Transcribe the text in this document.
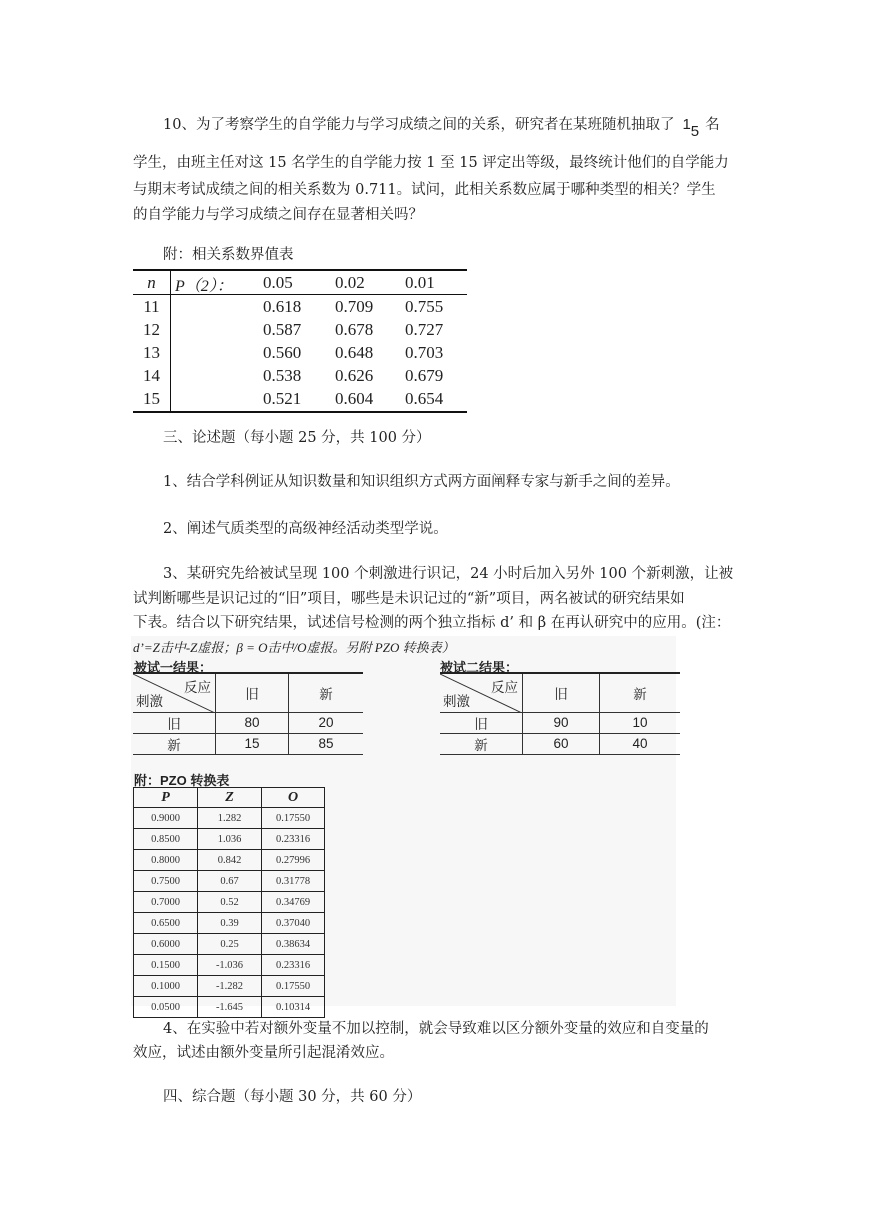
10、为了考察学生的自学能力与学习成绩之间的关系，研究者在某班随机抽取了 15 名
学生，由班主任对这 15 名学生的自学能力按 1 至 15 评定出等级，最终统计他们的自学能力
与期末考试成绩之间的相关系数为 0.711。试问，此相关系数应属于哪种类型的相关？学生
的自学能力与学习成绩之间存在显著相关吗？
附：相关系数界值表
n	P（2）： 0.05 0.02 0.01
11	0.618 0.709 0.755
12	0.587 0.678 0.727
13	0.560 0.648 0.703
14	0.538 0.626 0.679
15	0.521 0.604 0.654
三、论述题（每小题 25 分，共 100 分）
1、结合学科例证从知识数量和知识组织方式两方面阐释专家与新手之间的差异。
2、阐述气质类型的高级神经活动类型学说。
3、某研究先给被试呈现 100 个刺激进行识记，24 小时后加入另外 100 个新刺激，让被
试判断哪些是识记过的“旧”项目，哪些是未识记过的“新”项目，两名被试的研究结果如
下表。结合以下研究结果，试述信号检测的两个独立指标 d’ 和 β 在再认研究中的应用。(注：
d’=Z击中-Z虚报；β = O击中/O虚报。另附 PZO 转换表）
被试一结果：
反应
刺激	旧	新
旧	80	20
新	15	85
被试二结果：
反应
刺激	旧	新
旧	90	10
新	60	40
附：PZO 转换表
P	Z	O
0.9000	1.282	0.17550
0.8500	1.036	0.23316
0.8000	0.842	0.27996
0.7500	0.67	0.31778
0.7000	0.52	0.34769
0.6500	0.39	0.37040
0.6000	0.25	0.38634
0.1500	-1.036	0.23316
0.1000	-1.282	0.17550
0.0500	-1.645	0.10314
4、在实验中若对额外变量不加以控制，就会导致难以区分额外变量的效应和自变量的
效应，试述由额外变量所引起混淆效应。
四、综合题（每小题 30 分，共 60 分）
